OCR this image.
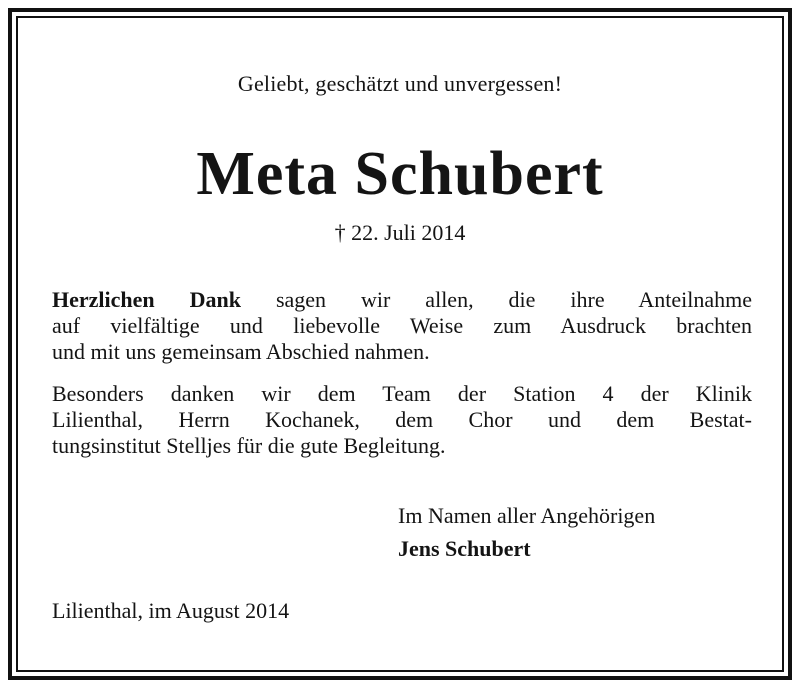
Geliebt, geschätzt und unvergessen!
Meta Schubert
† 22. Juli 2014
Herzlichen Dank sagen wir allen, die ihre Anteilnahme
auf vielfältige und liebevolle Weise zum Ausdruck brachten
und mit uns gemeinsam Abschied nahmen.
Besonders danken wir dem Team der Station 4 der Klinik
Lilienthal, Herrn Kochanek, dem Chor und dem Bestat-
tungsinstitut Stelljes für die gute Begleitung.
Im Namen aller Angehörigen
Jens Schubert
Lilienthal, im August 2014
